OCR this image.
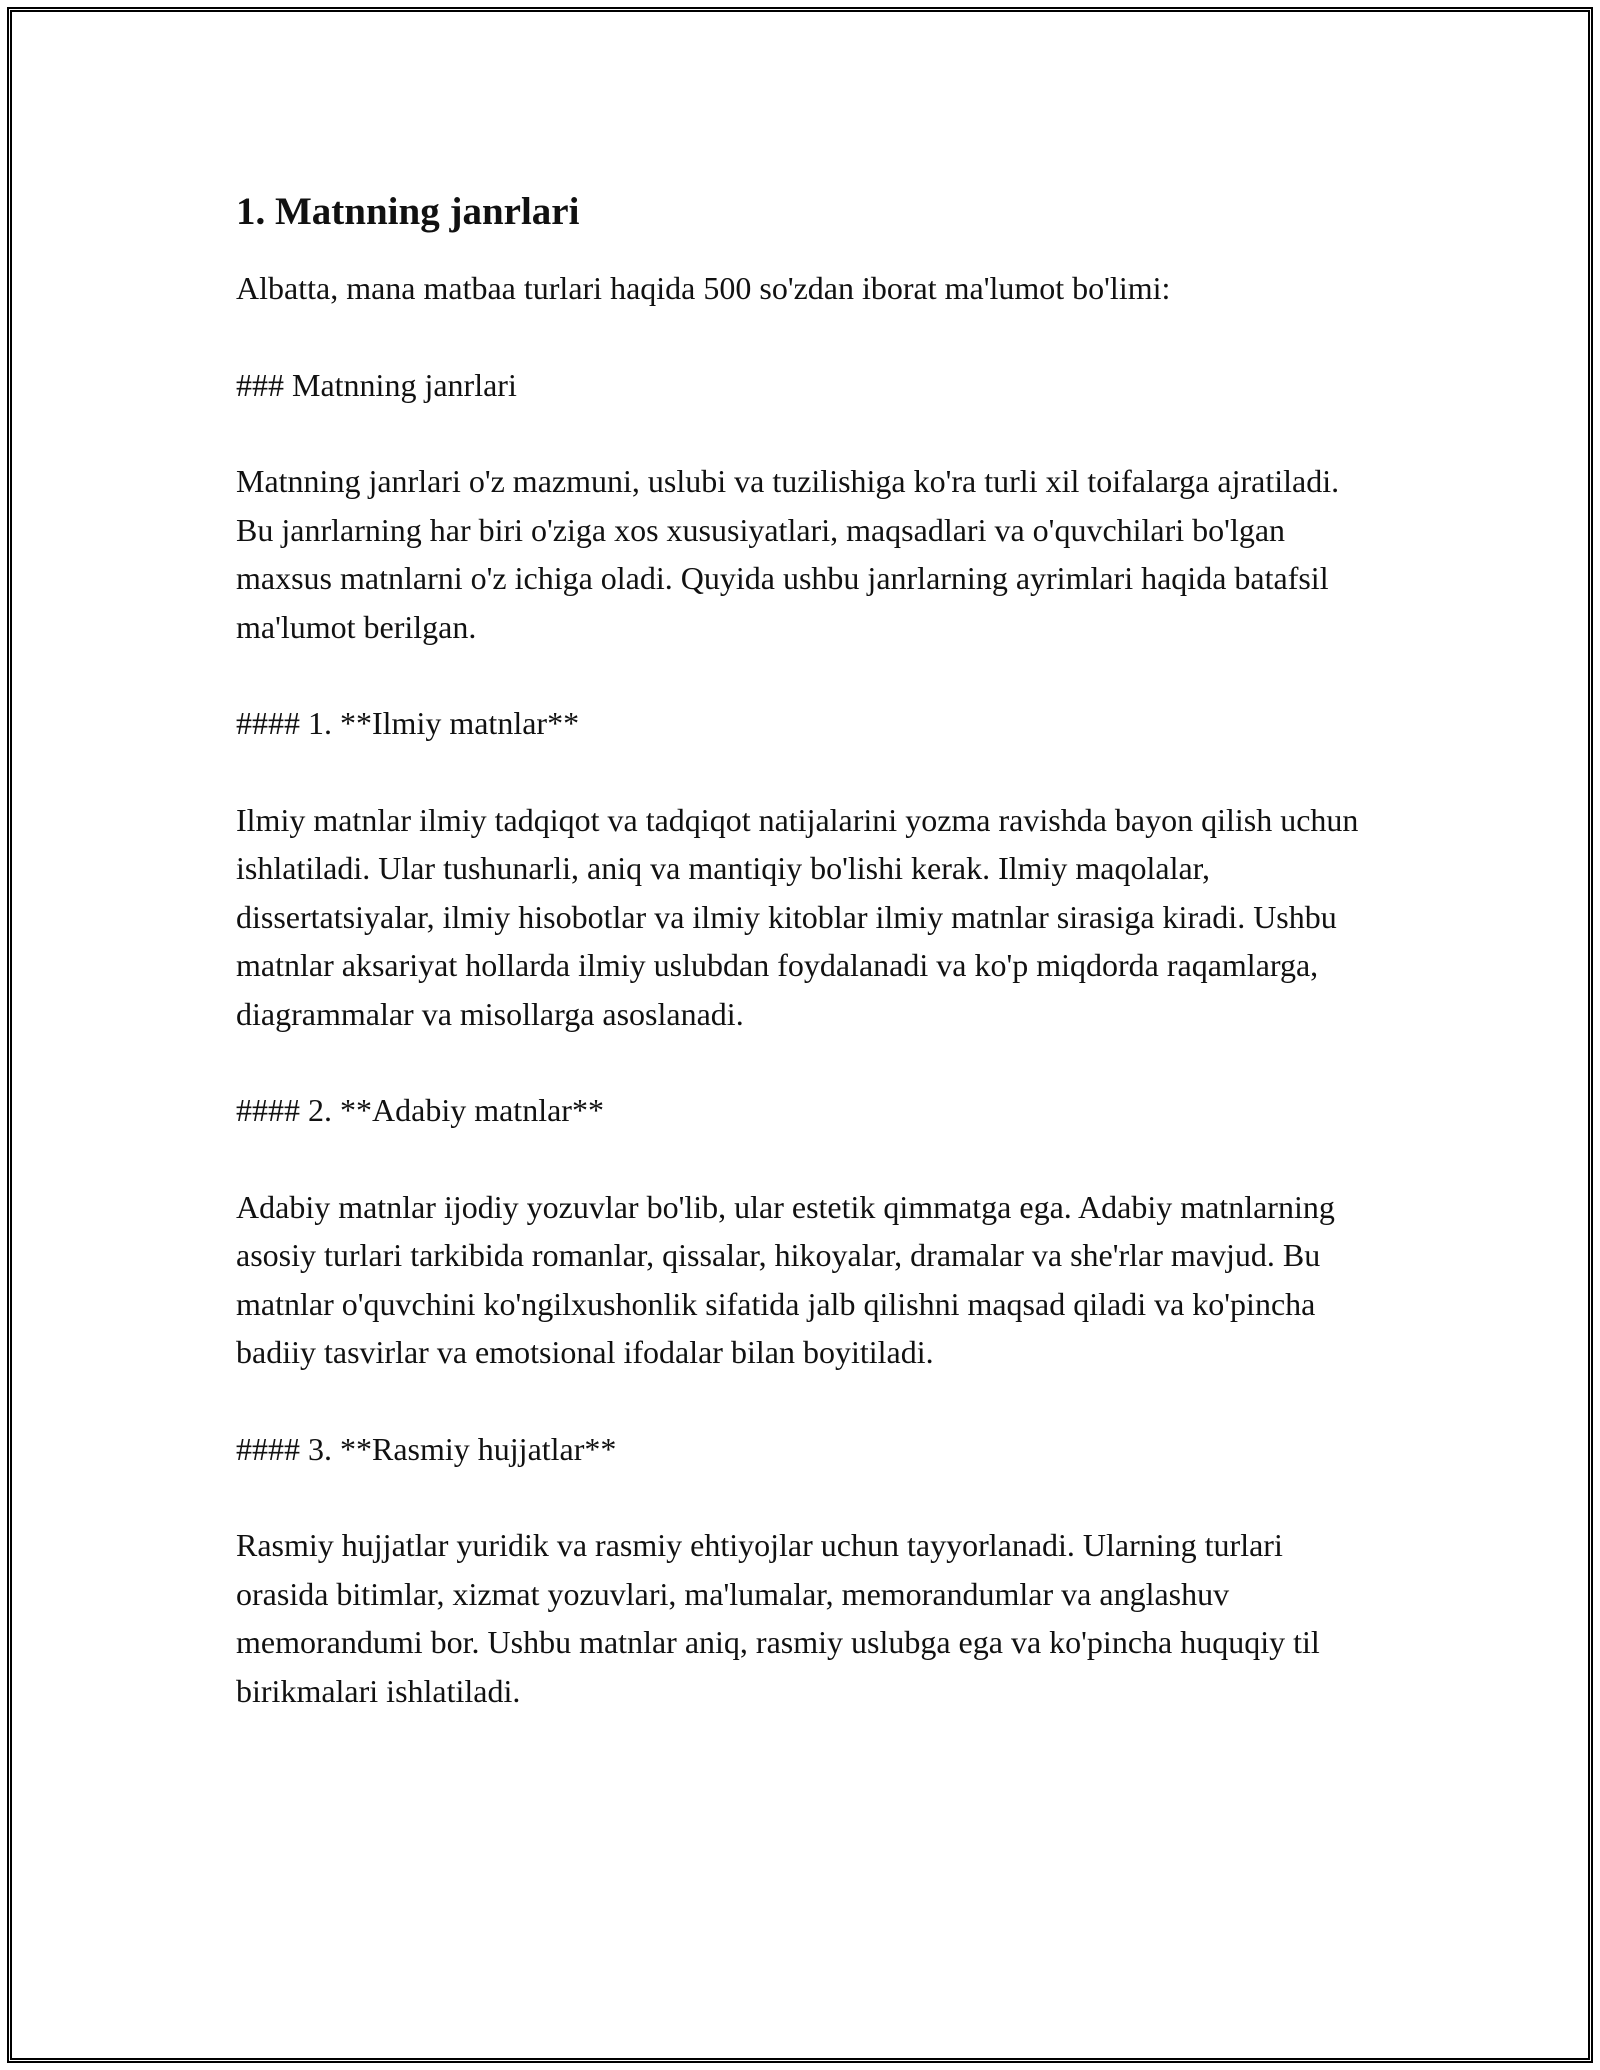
1. Matnning janrlari

Albatta, mana matbaa turlari haqida 500 so'zdan iborat ma'lumot bo'limi:

### Matnning janrlari

Matnning janrlari o'z mazmuni, uslubi va tuzilishiga ko'ra turli xil toifalarga ajratiladi. Bu janrlarning har biri o'ziga xos xususiyatlari, maqsadlari va o'quvchilari bo'lgan maxsus matnlarni o'z ichiga oladi. Quyida ushbu janrlarning ayrimlari haqida batafsil ma'lumot berilgan.

#### 1. **Ilmiy matnlar**

Ilmiy matnlar ilmiy tadqiqot va tadqiqot natijalarini yozma ravishda bayon qilish uchun ishlatiladi. Ular tushunarli, aniq va mantiqiy bo'lishi kerak. Ilmiy maqolalar, dissertatsiyalar, ilmiy hisobotlar va ilmiy kitoblar ilmiy matnlar sirasiga kiradi. Ushbu matnlar aksariyat hollarda ilmiy uslubdan foydalanadi va ko'p miqdorda raqamlarga, diagrammalar va misollarga asoslanadi.

#### 2. **Adabiy matnlar**

Adabiy matnlar ijodiy yozuvlar bo'lib, ular estetik qimmatga ega. Adabiy matnlarning asosiy turlari tarkibida romanlar, qissalar, hikoyalar, dramalar va she'rlar mavjud. Bu matnlar o'quvchini ko'ngilxushonlik sifatida jalb qilishni maqsad qiladi va ko'pincha badiiy tasvirlar va emotsional ifodalar bilan boyitiladi.

#### 3. **Rasmiy hujjatlar**

Rasmiy hujjatlar yuridik va rasmiy ehtiyojlar uchun tayyorlanadi. Ularning turlari orasida bitimlar, xizmat yozuvlari, ma'lumalar, memorandumlar va anglashuv memorandumi bor. Ushbu matnlar aniq, rasmiy uslubga ega va ko'pincha huquqiy til birikmalari ishlatiladi.
